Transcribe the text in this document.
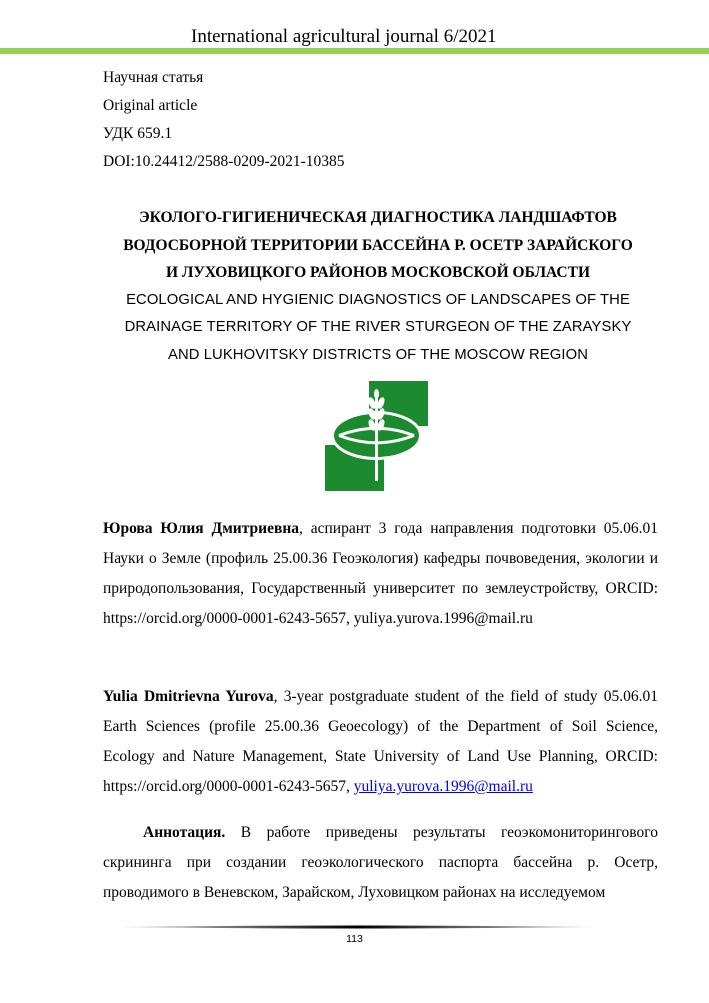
International agricultural journal 6/2021
Научная статья
Original article
УДК 659.1
DOI:10.24412/2588-0209-2021-10385
ЭКОЛОГО-ГИГИЕНИЧЕСКАЯ ДИАГНОСТИКА ЛАНДШАФТОВ
ВОДОСБОРНОЙ ТЕРРИТОРИИ БАССЕЙНА Р. ОСЕТР ЗАРАЙСКОГО
И ЛУХОВИЦКОГО РАЙОНОВ МОСКОВСКОЙ ОБЛАСТИ
ECOLOGICAL AND HYGIENIC DIAGNOSTICS OF LANDSCAPES OF THE
DRAINAGE TERRITORY OF THE RIVER STURGEON OF THE ZARAYSKY
AND LUKHOVITSKY DISTRICTS OF THE MOSCOW REGION
Юрова Юлия Дмитриевна, аспирант 3 года направления подготовки 05.06.01 Науки о Земле (профиль 25.00.36 Геоэкология) кафедры почвоведения, экологии и природопользования, Государственный университет по землеустройству, ORCID: https://orcid.org/0000-0001-6243-5657, yuliya.yurova.1996@mail.ru
Yulia Dmitrievna Yurova, 3-year postgraduate student of the field of study 05.06.01 Earth Sciences (profile 25.00.36 Geoecology) of the Department of Soil Science, Ecology and Nature Management, State University of Land Use Planning, ORCID: https://orcid.org/0000-0001-6243-5657, yuliya.yurova.1996@mail.ru
Аннотация. В работе приведены результаты геоэкомониторингового скрининга при создании геоэкологического паспорта бассейна р. Осетр, проводимого в Веневском, Зарайском, Луховицком районах на исследуемом
113
